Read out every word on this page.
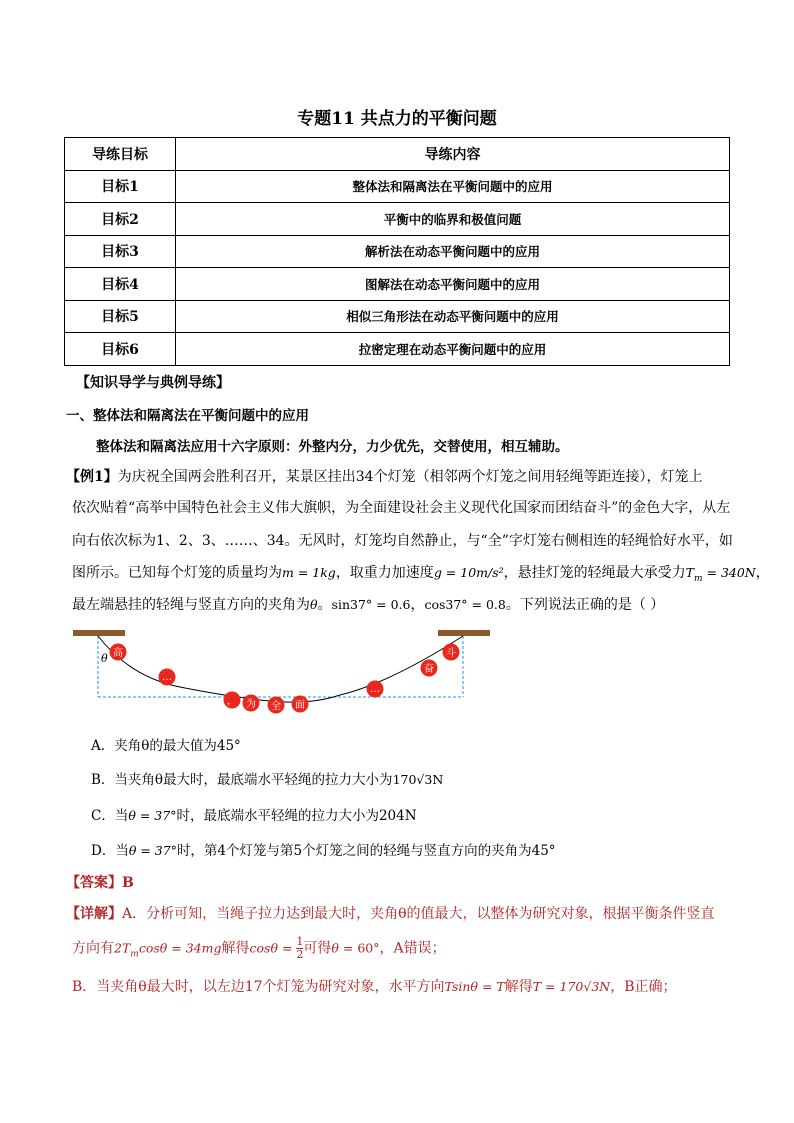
专题11 共点力的平衡问题
导练目标	导练内容
目标1	整体法和隔离法在平衡问题中的应用
目标2	平衡中的临界和极值问题
目标3	解析法在动态平衡问题中的应用
目标4	图解法在动态平衡问题中的应用
目标5	相似三角形法在动态平衡问题中的应用
目标6	拉密定理在动态平衡问题中的应用
【知识导学与典例导练】
一、整体法和隔离法在平衡问题中的应用
整体法和隔离法应用十六字原则：外整内分，力少优先，交替使用，相互辅助。
【例1】为庆祝全国两会胜利召开，某景区挂出34个灯笼（相邻两个灯笼之间用轻绳等距连接），灯笼上
依次贴着“高举中国特色社会主义伟大旗帜，为全面建设社会主义现代化国家而团结奋斗”的金色大字，从左
向右依次标为1、2、3、……、34。无风时，灯笼均自然静止，与“全”字灯笼右侧相连的轻绳恰好水平，如
图所示。已知每个灯笼的质量均为m = 1kg，取重力加速度g = 10m/s²，悬挂灯笼的轻绳最大承受力$T_m = 340N$，
最左端悬挂的轻绳与竖直方向的夹角为θ。sin37° = 0.6，cos37° = 0.8。下列说法正确的是（ ）
θ 高
…
， 为 全 面
…
奋
斗
A．夹角θ的最大值为45°
B．当夹角θ最大时，最底端水平轻绳的拉力大小为170√3N
C．当θ = 37°时，最底端水平轻绳的拉力大小为204N
D．当θ = 37°时，第4个灯笼与第5个灯笼之间的轻绳与竖直方向的夹角为45°
【答案】B
【详解】A．分析可知，当绳子拉力达到最大时，夹角θ的值最大，以整体为研究对象，根据平衡条件竖直
方向有$2T_m\cos\theta = 34mg$解得$\cos\theta = \frac{1}{2}$ 可得θ = 60°，A错误；
B．当夹角θ最大时，以左边17个灯笼为研究对象，水平方向Tsinθ = T解得T = 170√3N，B正确；
